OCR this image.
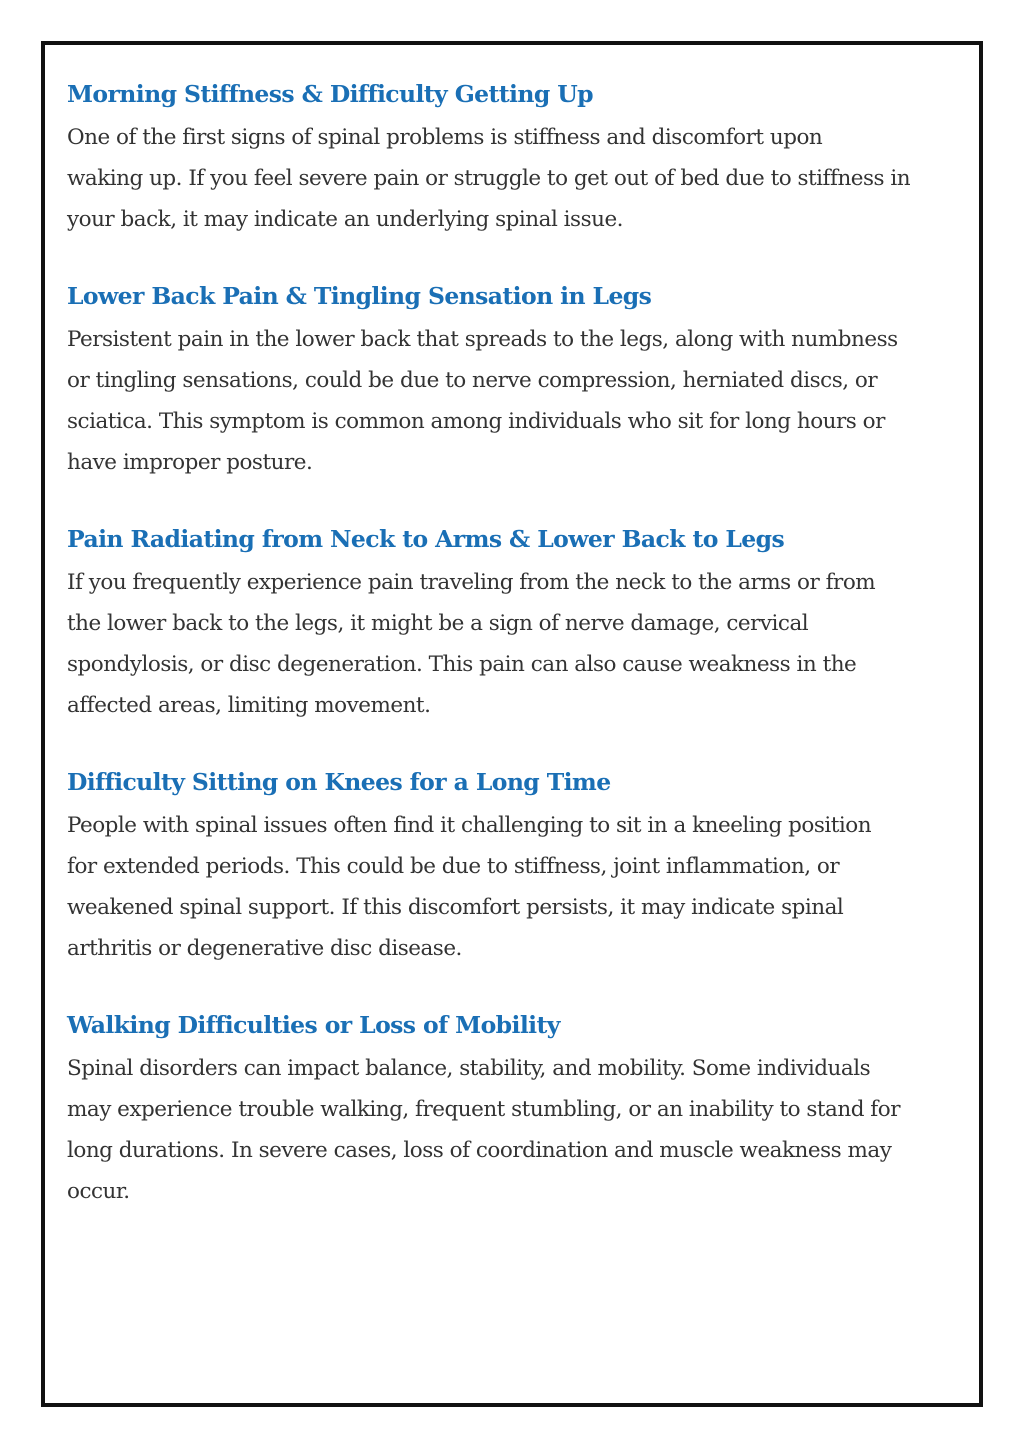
Morning Stiffness & Difficulty Getting Up
One of the first signs of spinal problems is stiffness and discomfort upon
waking up. If you feel severe pain or struggle to get out of bed due to stiffness in
your back, it may indicate an underlying spinal issue.
Lower Back Pain & Tingling Sensation in Legs
Persistent pain in the lower back that spreads to the legs, along with numbness
or tingling sensations, could be due to nerve compression, herniated discs, or
sciatica. This symptom is common among individuals who sit for long hours or
have improper posture.
Pain Radiating from Neck to Arms & Lower Back to Legs
If you frequently experience pain traveling from the neck to the arms or from
the lower back to the legs, it might be a sign of nerve damage, cervical
spondylosis, or disc degeneration. This pain can also cause weakness in the
affected areas, limiting movement.
Difficulty Sitting on Knees for a Long Time
People with spinal issues often find it challenging to sit in a kneeling position
for extended periods. This could be due to stiffness, joint inflammation, or
weakened spinal support. If this discomfort persists, it may indicate spinal
arthritis or degenerative disc disease.
Walking Difficulties or Loss of Mobility
Spinal disorders can impact balance, stability, and mobility. Some individuals
may experience trouble walking, frequent stumbling, or an inability to stand for
long durations. In severe cases, loss of coordination and muscle weakness may
occur.
